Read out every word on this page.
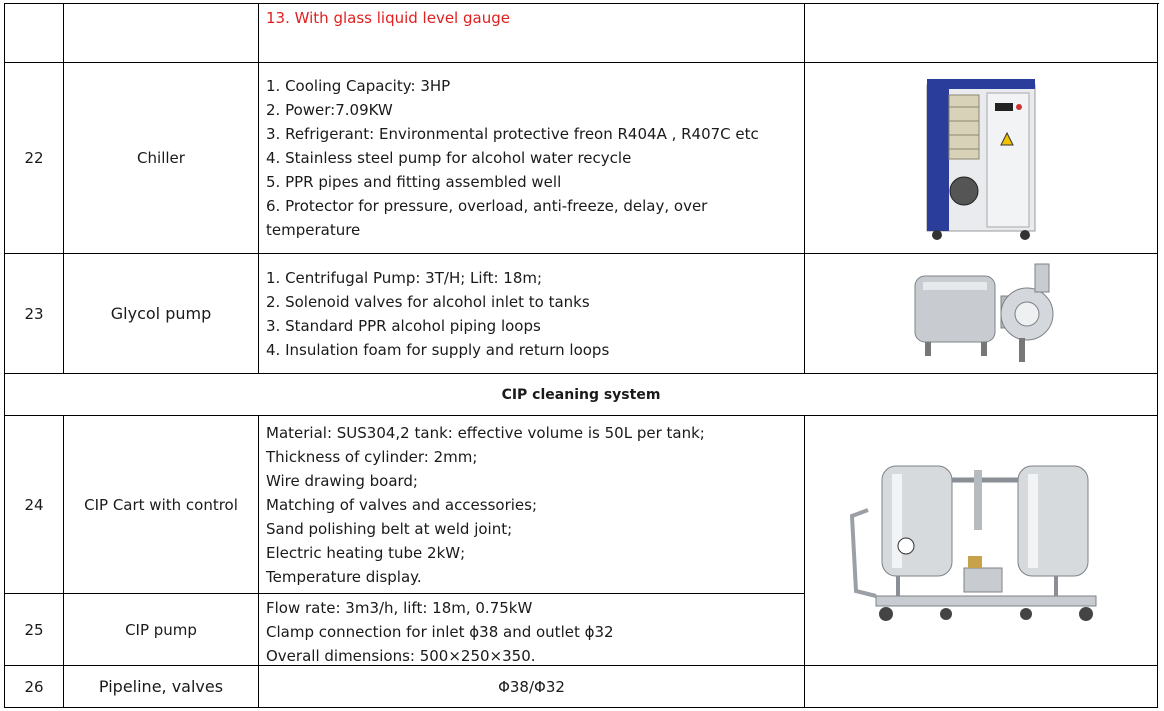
13. With glass liquid level gauge
22	Chiller
1. Cooling Capacity: 3HP
2. Power:7.09KW
3. Refrigerant: Environmental protective freon R404A , R407C etc
4. Stainless steel pump for alcohol water recycle
5. PPR pipes and fitting assembled well
6. Protector for pressure, overload, anti-freeze, delay, over
temperature
23	Glycol pump
1. Centrifugal Pump: 3T/H; Lift: 18m;
2. Solenoid valves for alcohol inlet to tanks
3. Standard PPR alcohol piping loops
4. Insulation foam for supply and return loops
CIP cleaning system
24	CIP Cart with control
Material: SUS304,2 tank: effective volume is 50L per tank;
Thickness of cylinder: 2mm;
Wire drawing board;
Matching of valves and accessories;
Sand polishing belt at weld joint;
Electric heating tube 2kW;
Temperature display.
25	CIP pump
Flow rate: 3m3/h, lift: 18m, 0.75kW
Clamp connection for inlet ϕ38 and outlet ϕ32
Overall dimensions: 500×250×350.
26	Pipeline, valves	Φ38/Φ32
